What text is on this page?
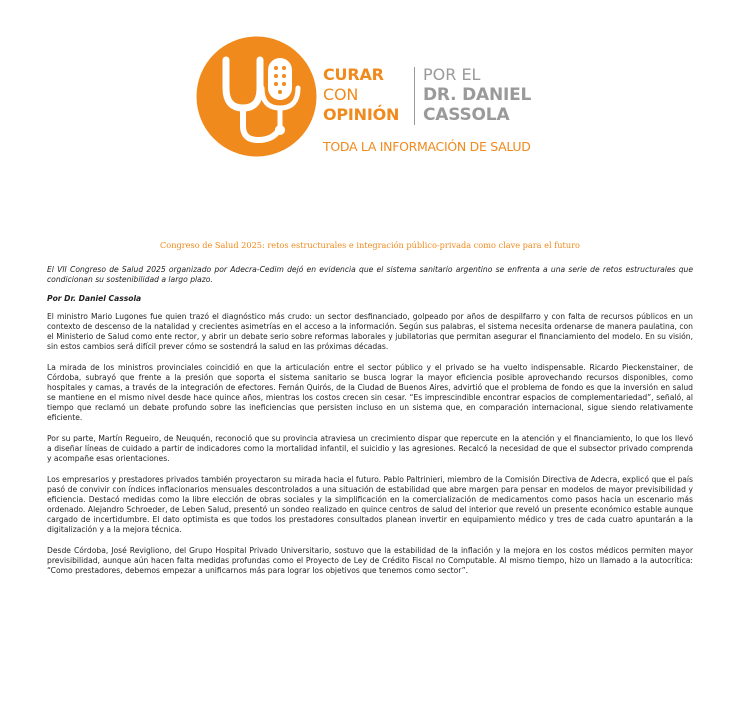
CURAR
CON
OPINIÓN
POR EL
DR. DANIEL
CASSOLA
TODA LA INFORMACIÓN DE SALUD
Congreso de Salud 2025: retos estructurales e integración público-privada como clave para el futuro
El VII Congreso de Salud 2025 organizado por Adecra-Cedim dejó en evidencia que el sistema sanitario argentino se enfrenta a una serie de retos estructurales que condicionan su sostenibilidad a largo plazo.
Por Dr. Daniel Cassola
El ministro Mario Lugones fue quien trazó el diagnóstico más crudo: un sector desfinanciado, golpeado por años de despilfarro y con falta de recursos públicos en un contexto de descenso de la natalidad y crecientes asimetrías en el acceso a la información. Según sus palabras, el sistema necesita ordenarse de manera paulatina, con el Ministerio de Salud como ente rector, y abrir un debate serio sobre reformas laborales y jubilatorias que permitan asegurar el financiamiento del modelo. En su visión, sin estos cambios será difícil prever cómo se sostendrá la salud en las próximas décadas.
La mirada de los ministros provinciales coincidió en que la articulación entre el sector público y el privado se ha vuelto indispensable. Ricardo Pieckenstainer, de Córdoba, subrayó que frente a la presión que soporta el sistema sanitario se busca lograr la mayor eficiencia posible aprovechando recursos disponibles, como hospitales y camas, a través de la integración de efectores. Fernán Quirós, de la Ciudad de Buenos Aires, advirtió que el problema de fondo es que la inversión en salud se mantiene en el mismo nivel desde hace quince años, mientras los costos crecen sin cesar. “Es imprescindible encontrar espacios de complementariedad”, señaló, al tiempo que reclamó un debate profundo sobre las ineficiencias que persisten incluso en un sistema que, en comparación internacional, sigue siendo relativamente eficiente.
Por su parte, Martín Regueiro, de Neuquén, reconoció que su provincia atraviesa un crecimiento dispar que repercute en la atención y el financiamiento, lo que los llevó a diseñar líneas de cuidado a partir de indicadores como la mortalidad infantil, el suicidio y las agresiones. Recalcó la necesidad de que el subsector privado comprenda y acompañe esas orientaciones.
Los empresarios y prestadores privados también proyectaron su mirada hacia el futuro. Pablo Paltrinieri, miembro de la Comisión Directiva de Adecra, explicó que el país pasó de convivir con índices inflacionarios mensuales descontrolados a una situación de estabilidad que abre margen para pensar en modelos de mayor previsibilidad y eficiencia. Destacó medidas como la libre elección de obras sociales y la simplificación en la comercialización de medicamentos como pasos hacia un escenario más ordenado. Alejandro Schroeder, de Leben Salud, presentó un sondeo realizado en quince centros de salud del interior que reveló un presente económico estable aunque cargado de incertidumbre. El dato optimista es que todos los prestadores consultados planean invertir en equipamiento médico y tres de cada cuatro apuntarán a la digitalización y a la mejora técnica.
Desde Córdoba, José Revigliono, del Grupo Hospital Privado Universitario, sostuvo que la estabilidad de la inflación y la mejora en los costos médicos permiten mayor previsibilidad, aunque aún hacen falta medidas profundas como el Proyecto de Ley de Crédito Fiscal no Computable. Al mismo tiempo, hizo un llamado a la autocrítica: “Como prestadores, debemos empezar a unificarnos más para lograr los objetivos que tenemos como sector”.
